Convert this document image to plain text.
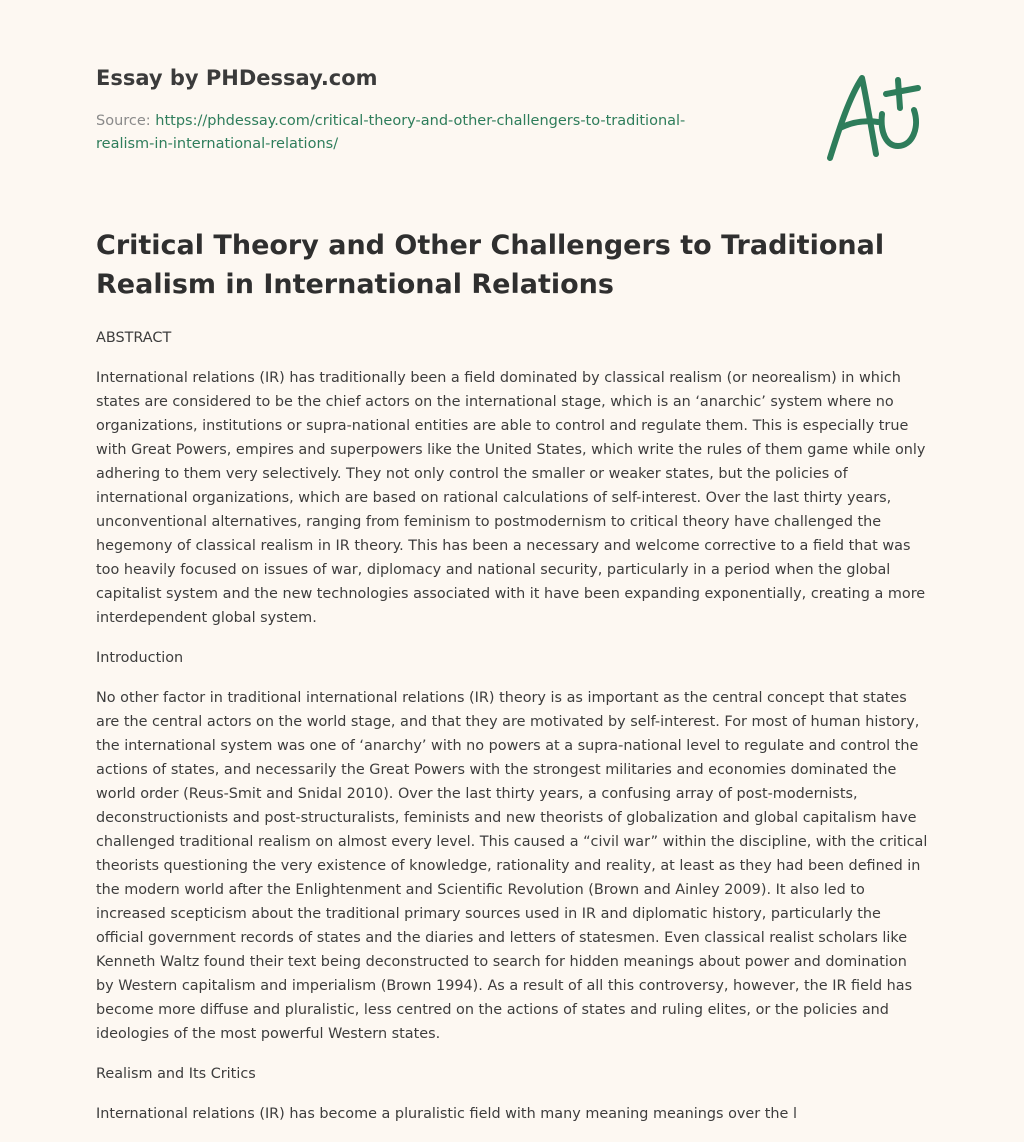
Essay by PHDessay.com

Source: https://phdessay.com/critical-theory-and-other-challengers-to-traditional-
realism-in-international-relations/
Critical Theory and Other Challengers to Traditional Realism in International Relations

ABSTRACT

International relations (IR) has traditionally been a field dominated by classical realism (or neorealism) in which states are considered to be the chief actors on the international stage, which is an ‘anarchic’ system where no organizations, institutions or supra-national entities are able to control and regulate them. This is especially true with Great Powers, empires and superpowers like the United States, which write the rules of them game while only adhering to them very selectively. They not only control the smaller or weaker states, but the policies of international organizations, which are based on rational calculations of self-interest. Over the last thirty years, unconventional alternatives, ranging from feminism to postmodernism to critical theory have challenged the hegemony of classical realism in IR theory. This has been a necessary and welcome corrective to a field that was too heavily focused on issues of war, diplomacy and national security, particularly in a period when the global capitalist system and the new technologies associated with it have been expanding exponentially, creating a more interdependent global system.

Introduction

No other factor in traditional international relations (IR) theory is as important as the central concept that states are the central actors on the world stage, and that they are motivated by self-interest. For most of human history, the international system was one of ‘anarchy’ with no powers at a supra-national level to regulate and control the actions of states, and necessarily the Great Powers with the strongest militaries and economies dominated the world order (Reus-Smit and Snidal 2010). Over the last thirty years, a confusing array of post-modernists, deconstructionists and post-structuralists, feminists and new theorists of globalization and global capitalism have challenged traditional realism on almost every level. This caused a “civil war” within the discipline, with the critical theorists questioning the very existence of knowledge, rationality and reality, at least as they had been defined in the modern world after the Enlightenment and Scientific Revolution (Brown and Ainley 2009). It also led to increased scepticism about the traditional primary sources used in IR and diplomatic history, particularly the official government records of states and the diaries and letters of statesmen. Even classical realist scholars like Kenneth Waltz found their text being deconstructed to search for hidden meanings about power and domination by Western capitalism and imperialism (Brown 1994). As a result of all this controversy, however, the IR field has become more diffuse and pluralistic, less centred on the actions of states and ruling elites, or the policies and ideologies of the most powerful Western states.

Realism and Its Critics

International relations (IR) has become a pluralistic field with many meaning meanings over the l
